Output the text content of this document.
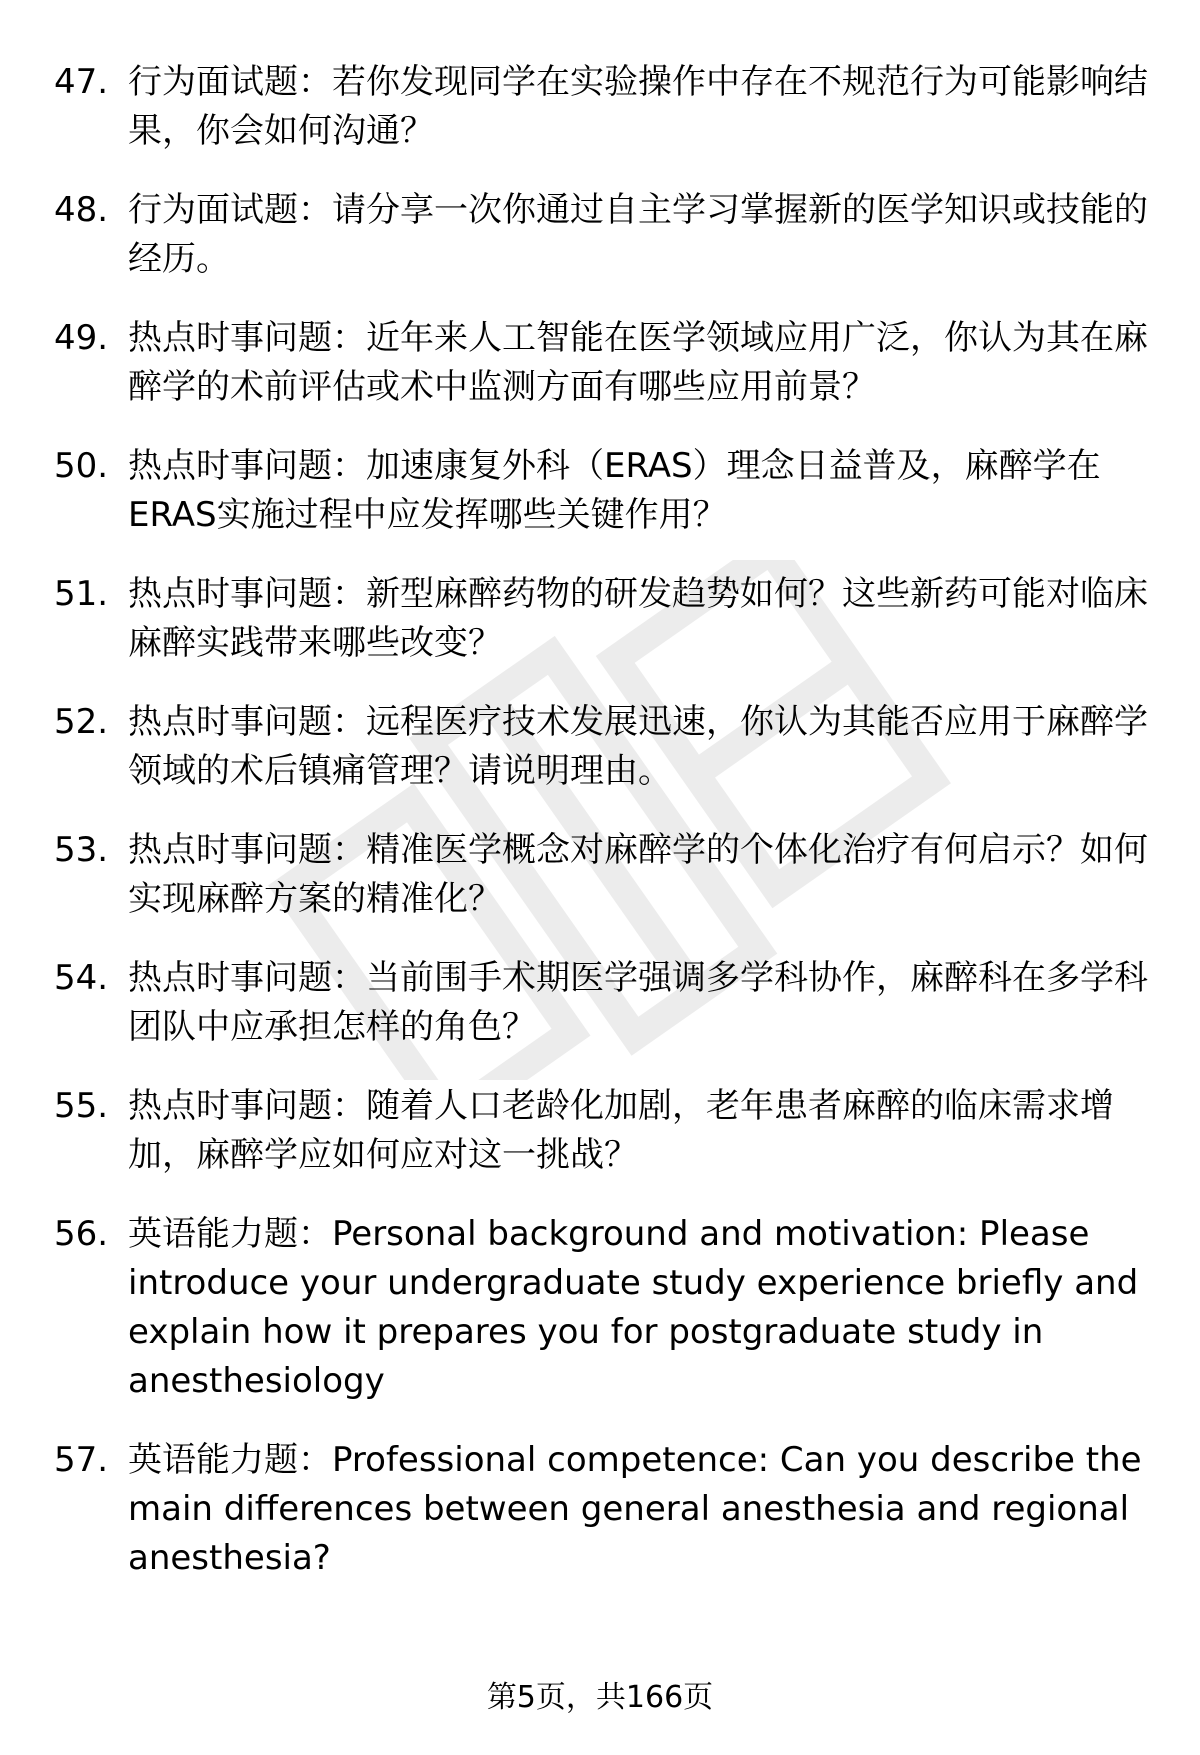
47. 行为面试题：若你发现同学在实验操作中存在不规范行为可能影响结果，你会如何沟通？
48. 行为面试题：请分享一次你通过自主学习掌握新的医学知识或技能的经历。
49. 热点时事问题：近年来人工智能在医学领域应用广泛，你认为其在麻醉学的术前评估或术中监测方面有哪些应用前景？
50. 热点时事问题：加速康复外科（ERAS）理念日益普及，麻醉学在ERAS实施过程中应发挥哪些关键作用？
51. 热点时事问题：新型麻醉药物的研发趋势如何？这些新药可能对临床麻醉实践带来哪些改变？
52. 热点时事问题：远程医疗技术发展迅速，你认为其能否应用于麻醉学领域的术后镇痛管理？请说明理由。
53. 热点时事问题：精准医学概念对麻醉学的个体化治疗有何启示？如何实现麻醉方案的精准化？
54. 热点时事问题：当前围手术期医学强调多学科协作，麻醉科在多学科团队中应承担怎样的角色？
55. 热点时事问题：随着人口老龄化加剧，老年患者麻醉的临床需求增加，麻醉学应如何应对这一挑战？
56. 英语能力题：Personal background and motivation: Please introduce your undergraduate study experience briefly and explain how it prepares you for postgraduate study in anesthesiology
57. 英语能力题：Professional competence: Can you describe the main differences between general anesthesia and regional anesthesia?
第5页，共166页
